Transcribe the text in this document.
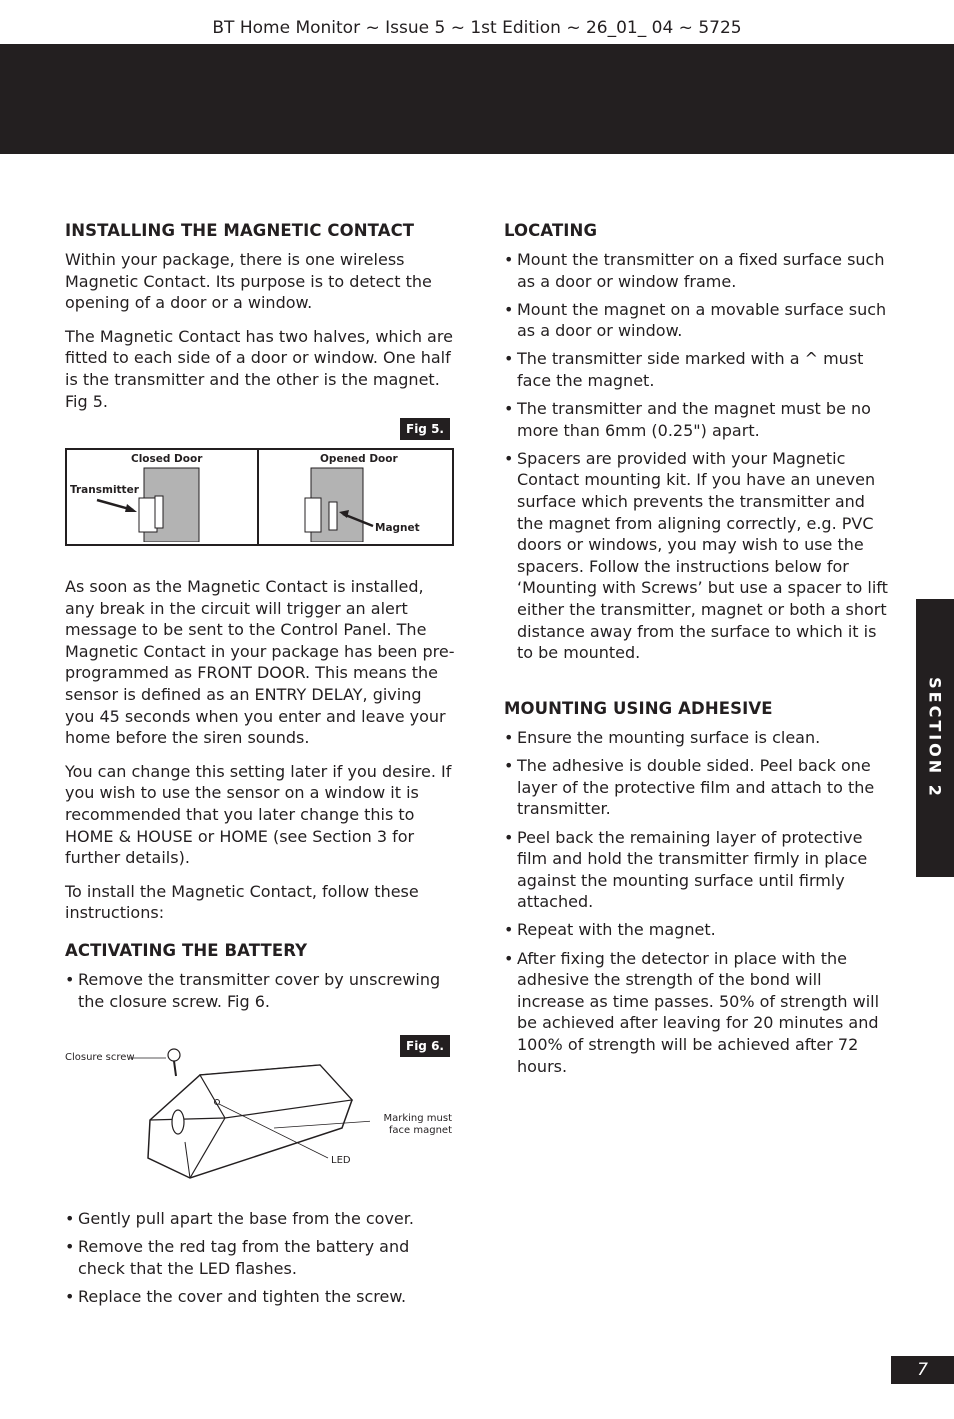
BT Home Monitor ~ Issue 5 ~ 1st Edition ~ 26_01_ 04 ~ 5725
INSTALLING THE MAGNETIC CONTACT

Within your package, there is one wireless Magnetic Contact. Its purpose is to detect the opening of a door or a window.

The Magnetic Contact has two halves, which are fitted to each side of a door or window. One half is the transmitter and the other is the magnet. Fig 5.

Fig 5.
Closed Door	Opened Door
Transmitter
Magnet

As soon as the Magnetic Contact is installed, any break in the circuit will trigger an alert message to be sent to the Control Panel. The Magnetic Contact in your package has been pre-programmed as FRONT DOOR. This means the sensor is defined as an ENTRY DELAY, giving you 45 seconds when you enter and leave your home before the siren sounds.

You can change this setting later if you desire. If you wish to use the sensor on a window it is recommended that you later change this to HOME & HOUSE or HOME (see Section 3 for further details).

To install the Magnetic Contact, follow these instructions:

ACTIVATING THE BATTERY
• Remove the transmitter cover by unscrewing the closure screw. Fig 6.
Fig 6.
Closure screw
Marking must
face magnet
LED
• Gently pull apart the base from the cover.
• Remove the red tag from the battery and check that the LED flashes.
• Replace the cover and tighten the screw.
LOCATING
• Mount the transmitter on a fixed surface such as a door or window frame.
• Mount the magnet on a movable surface such as a door or window.
• The transmitter side marked with a ^ must face the magnet.
• The transmitter and the magnet must be no more than 6mm (0.25") apart.
• Spacers are provided with your Magnetic Contact mounting kit. If you have an uneven surface which prevents the transmitter and the magnet from aligning correctly, e.g. PVC doors or windows, you may wish to use the spacers. Follow the instructions below for ‘Mounting with Screws’ but use a spacer to lift either the transmitter, magnet or both a short distance away from the surface to which it is to be mounted.
MOUNTING USING ADHESIVE
• Ensure the mounting surface is clean.
• The adhesive is double sided. Peel back one layer of the protective film and attach to the transmitter.
• Peel back the remaining layer of protective film and hold the transmitter firmly in place against the mounting surface until firmly attached.
• Repeat with the magnet.
• After fixing the detector in place with the adhesive the strength of the bond will increase as time passes. 50% of strength will be achieved after leaving for 20 minutes and 100% of strength will be achieved after 72 hours.
SECTION 2
7
